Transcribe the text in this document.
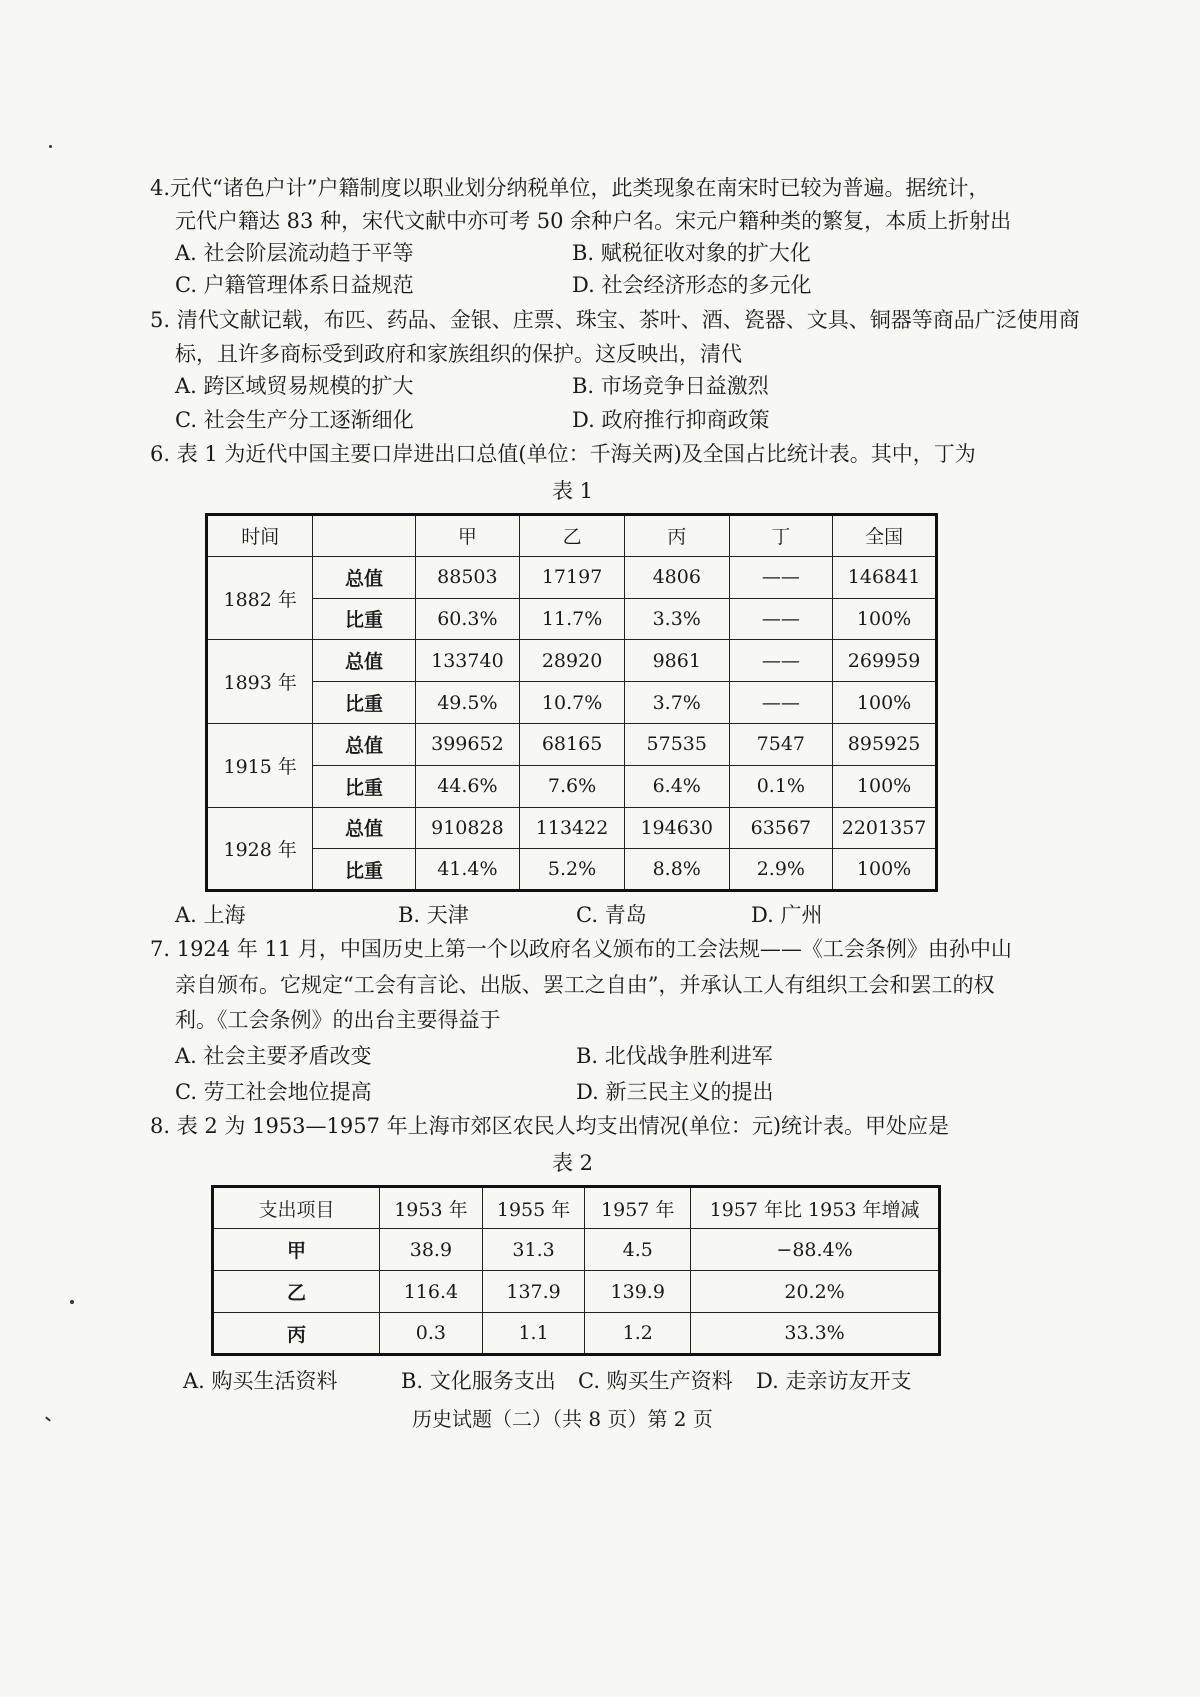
4.元代“诸色户计”户籍制度以职业划分纳税单位，此类现象在南宋时已较为普遍。据统计，
元代户籍达 83 种，宋代文献中亦可考 50 余种户名。宋元户籍种类的繁复，本质上折射出
A. 社会阶层流动趋于平等	B. 赋税征收对象的扩大化
C. 户籍管理体系日益规范	D. 社会经济形态的多元化
5. 清代文献记载，布匹、药品、金银、庄票、珠宝、茶叶、酒、瓷器、文具、铜器等商品广泛使用商
标，且许多商标受到政府和家族组织的保护。这反映出，清代
A. 跨区域贸易规模的扩大	B. 市场竞争日益激烈
C. 社会生产分工逐渐细化	D. 政府推行抑商政策
6. 表 1 为近代中国主要口岸进出口总值(单位：千海关两)及全国占比统计表。其中，丁为
表 1
时间		甲	乙	丙	丁	全国
1882 年	总值	88503	17197	4806	——	146841
	比重	60.3%	11.7%	3.3%	——	100%
1893 年	总值	133740	28920	9861	——	269959
	比重	49.5%	10.7%	3.7%	——	100%
1915 年	总值	399652	68165	57535	7547	895925
	比重	44.6%	7.6%	6.4%	0.1%	100%
1928 年	总值	910828	113422	194630	63567	2201357
	比重	41.4%	5.2%	8.8%	2.9%	100%
A. 上海	B. 天津	C. 青岛	D. 广州
7. 1924 年 11 月，中国历史上第一个以政府名义颁布的工会法规——《工会条例》由孙中山
亲自颁布。它规定“工会有言论、出版、罢工之自由”，并承认工人有组织工会和罢工的权
利。《工会条例》的出台主要得益于
A. 社会主要矛盾改变	B. 北伐战争胜利进军
C. 劳工社会地位提高	D. 新三民主义的提出
8. 表 2 为 1953—1957 年上海市郊区农民人均支出情况(单位：元)统计表。甲处应是
表 2
支出项目	1953 年	1955 年	1957 年	1957 年比 1953 年增减
甲	38.9	31.3	4.5	−88.4%
乙	116.4	137.9	139.9	20.2%
丙	0.3	1.1	1.2	33.3%
A. 购买生活资料	B. 文化服务支出 C. 购买生产资料 D. 走亲访友开支
历史试题（二）（共 8 页）第 2 页
